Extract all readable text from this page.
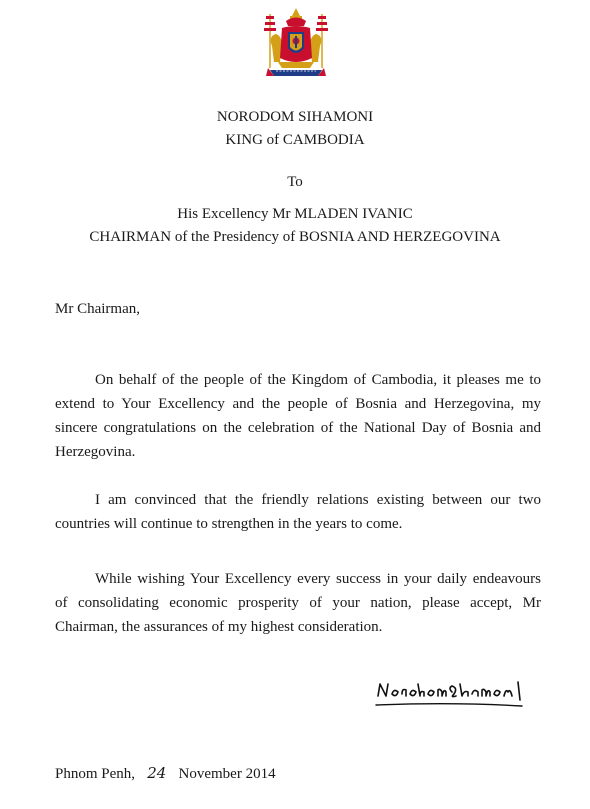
NORODOM SIHAMONI
KING of CAMBODIA
To
His Excellency Mr MLADEN IVANIC
CHAIRMAN of the Presidency of BOSNIA AND HERZEGOVINA
Mr Chairman,
On behalf of the people of the Kingdom of Cambodia, it pleases me to
extend to Your Excellency and the people of Bosnia and Herzegovina, my
sincere congratulations on the celebration of the National Day of Bosnia and
Herzegovina.
I am convinced that the friendly relations existing between our two
countries will continue to strengthen in the years to come.
While wishing Your Excellency every success in your daily endeavours
of consolidating economic prosperity of your nation, please accept, Mr
Chairman, the assurances of my highest consideration.
Phnom Penh, 24 November 2014
